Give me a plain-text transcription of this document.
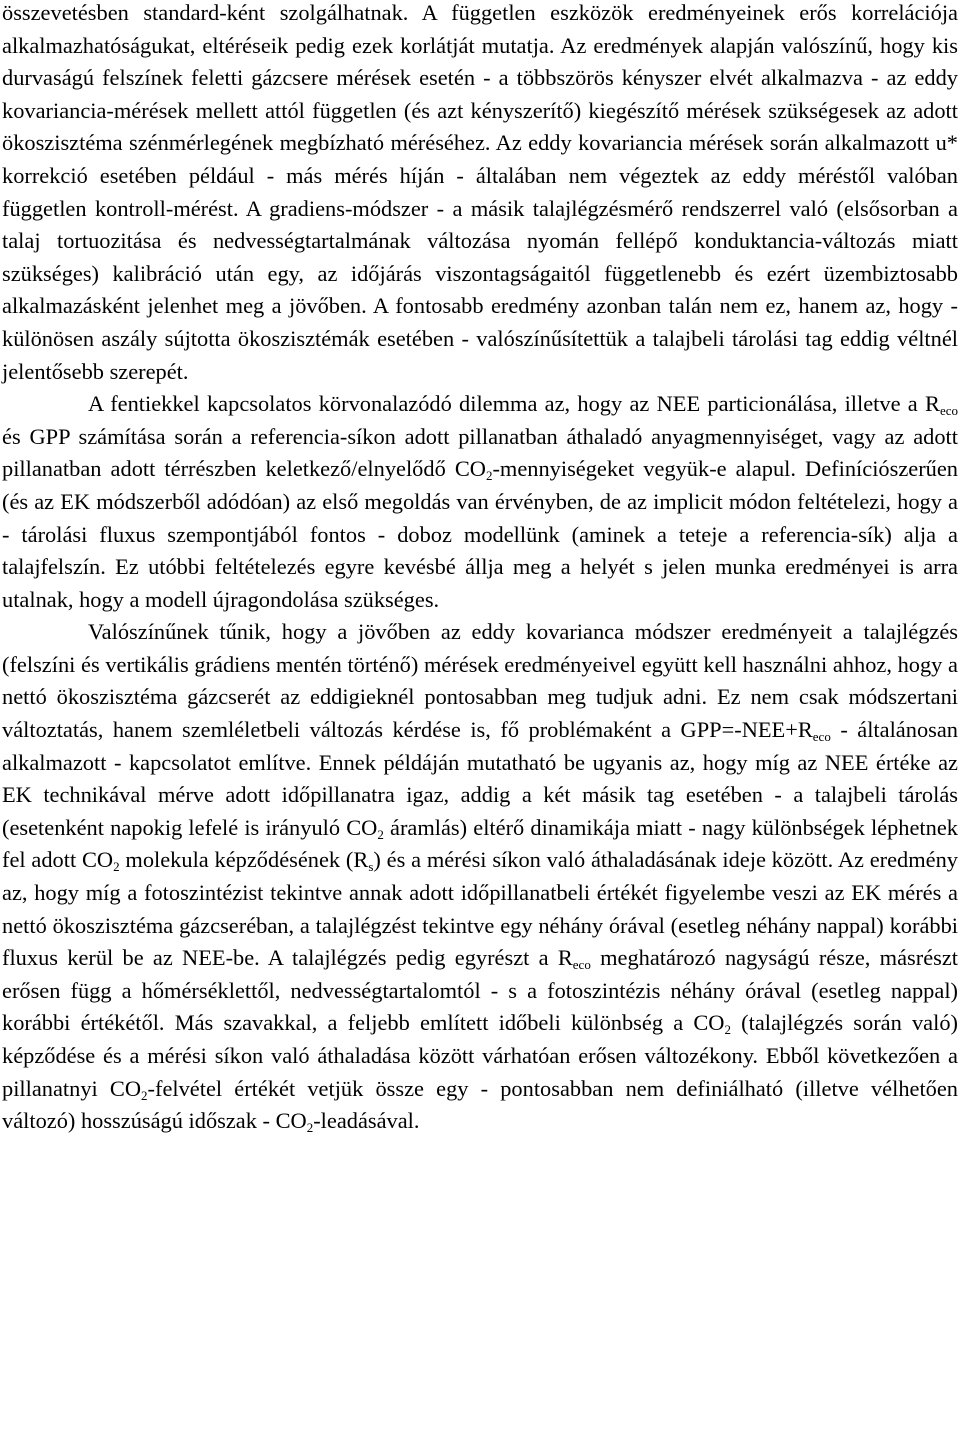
összevetésben standard-ként szolgálhatnak. A független eszközök eredményeinek erős korrelációja alkalmazhatóságukat, eltéréseik pedig ezek korlátját mutatja. Az eredmények alapján valószínű, hogy kis durvaságú felszínek feletti gázcsere mérések esetén - a többszörös kényszer elvét alkalmazva - az eddy kovariancia-mérések mellett attól független (és azt kényszerítő) kiegészítő mérések szükségesek az adott ökoszisztéma szénmérlegének megbízható méréséhez. Az eddy kovariancia mérések során alkalmazott u* korrekció esetében például - más mérés híján - általában nem végeztek az eddy méréstől valóban független kontroll-mérést. A gradiens-módszer - a másik talajlégzésmérő rendszerrel való (elsősorban a talaj tortuozitása és nedvességtartalmának változása nyomán fellépő konduktancia-változás miatt szükséges) kalibráció után egy, az időjárás viszontagságaitól függetlenebb és ezért üzembiztosabb alkalmazásként jelenhet meg a jövőben. A fontosabb eredmény azonban talán nem ez, hanem az, hogy - különösen aszály sújtotta ökoszisztémák esetében - valószínűsítettük a talajbeli tárolási tag eddig véltnél jelentősebb szerepét.

A fentiekkel kapcsolatos körvonalazódó dilemma az, hogy az NEE particionálása, illetve a $R_{eco}$ és GPP számítása során a referencia-síkon adott pillanatban áthaladó anyagmennyiséget, vagy az adott pillanatban adott térrészben keletkező/elnyelődő $CO_2$-mennyiségeket vegyük-e alapul. Definíciószerűen (és az EK módszerből adódóan) az első megoldás van érvényben, de az implicit módon feltételezi, hogy a - tárolási fluxus szempontjából fontos - doboz modellünk (aminek a teteje a referencia-sík) alja a talajfelszín. Ez utóbbi feltételezés egyre kevésbé állja meg a helyét s jelen munka eredményei is arra utalnak, hogy a modell újragondolása szükséges.

Valószínűnek tűnik, hogy a jövőben az eddy kovarianca módszer eredményeit a talajlégzés (felszíni és vertikális grádiens mentén történő) mérések eredményeivel együtt kell használni ahhoz, hogy a nettó ökoszisztéma gázcserét az eddigieknél pontosabban meg tudjuk adni. Ez nem csak módszertani változtatás, hanem szemléletbeli változás kérdése is, fő problémaként a $GPP=-NEE+R_{eco}$ - általánosan alkalmazott - kapcsolatot említve. Ennek példáján mutatható be ugyanis az, hogy míg az NEE értéke az EK technikával mérve adott időpillanatra igaz, addig a két másik tag esetében - a talajbeli tárolás (esetenként napokig lefelé is irányuló $CO_2$ áramlás) eltérő dinamikája miatt - nagy különbségek léphetnek fel adott $CO_2$ molekula képződésének $(R_s)$ és a mérési síkon való áthaladásának ideje között. Az eredmény az, hogy míg a fotoszintézist tekintve annak adott időpillanatbeli értékét figyelembe veszi az EK mérés a nettó ökoszisztéma gázcseréban, a talajlégzést tekintve egy néhány órával (esetleg néhány nappal) korábbi fluxus kerül be az NEE-be. A talajlégzés pedig egyrészt a $R_{eco}$ meghatározó nagyságú része, másrészt erősen függ a hőmérséklettől, nedvességtartalomtól - s a fotoszintézis néhány órával (esetleg nappal) korábbi értékétől. Más szavakkal, a feljebb említett időbeli különbség a $CO_2$ (talajlégzés során való) képződése és a mérési síkon való áthaladása között várhatóan erősen változékony. Ebből következően a pillanatnyi $CO_2$-felvétel értékét vetjük össze egy - pontosabban nem definiálható (illetve vélhetően változó) hosszúságú időszak - $CO_2$-leadásával.
